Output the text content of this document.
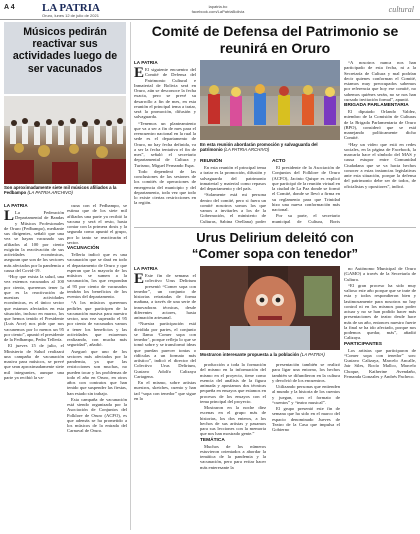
A 4 LA PATRIA
Oruro, lunes 12 de julio de 2021
lapatria.bo
facebook.com/LaPatriaBolivia	cultural
Músicos pedirán reactivar sus actividades luego de ser vacunados
Son aproximadamente siete mil músicos afiliados a la Fedbampo (LA PATRIA ARCHIVO)
LA PATRIA
L La Federación Departamental de Bandas y Músicos Profesionales de Oruro (Fedbampo), mediante sus dirigentes, señaló que una vez se hayan vacunado sus afiliados al 100 por ciento exigirán la reactivación de sus actividades económicas, aseguran que son de los sectores más afectados por la pandemia a causa del Covid-19.

“Hoy que exista la salud, una vez estemos vacunados al 100 por ciento, queremos tener lo que es la reactivación de nuestras actividades económicas, es el único sector que estamos afectados en esta situación, incluso en marzo, los que hemos tenido el Presidente (Luis Arce) nos pide que nos vacunemos por lo menos un 95 por ciento”, apuntó el presidente de la Fedbampo, Pedro Tellería.

El jueves 15 de julio, el Ministerio de Salud realizará una campaña de vacunación masiva para músicos, se prevé que sean aproximadamente siete mil integrantes, aunque una parte ya recibió la va-

cuna con el Fedbampo, se estima que de los siete mil afiliados una parte ya recibió la vacuna y será el resto, hasta contar con la primera dosis y la segunda como apuntó el grupo, por lo tanto se reactivarán el sector.

VACUNACIÓN

Tellería indicó que es una vacunación que se dará en todo el departamento de Oruro y que esperan que la mayoría de los músicos se sumen a la vacunación, los que respondan al 95 por ciento de vacunados tendrán los beneficios de los eventos del departamento.

“A los músicos queremos pedirles que participen de la vacunación masiva para nuestro sector, una vez superado el 95 por ciento de vacunados vamos a tener los beneficios y las actividades que estaremos realizando, con mucha más seguridad”, añadió.

Aseguró que uno de los sectores más afectados por la pandemia, ya que las restricciones son muchas, no pueden tocar y los problemas de todo el año en Oruro, en otros años con contratos que han tenido que suspender las fiestas, han estado sin trabajo.

Esta campaña de vacunación está siendo organizada por la Asociación de Conjuntos del Folklore de Oruro (ACFO), es que además se ha prometido a los músicos de la entrada del Carnaval de Oruro.

Comité de Defensa del Patrimonio se reunirá en Oruro
LA PATRIA
E El siguiente encuentro del Comité de Defensa del Patrimonio Cultural e Inmaterial de Bolivia será en Oruro, aún se desconoce la fecha exacta, pero se prevé su desarrollo a fin de mes, en esta reunión el principal tema a tratar, será la promoción, difusión y salvaguarda.

“Tenemos un planteamiento que va a ser a fin de mes para el reencuentro nacional en la rual la sede es el departamento de Oruro, no hay fecha definida, va a ser la fecha tentativa el fin de mes”, señaló el secretario departamental de Cultura y Turismo, Miguel Fernando Espa.

Todo dependerá de las conclusiones de las sesiones de los comités de operaciones de emergencia del municipio y del departamento, toda vez que todo lo existe ciertas restricciones en la región.

En esta reunión abordarán promoción y salvaguarda del patrimonio (LA PATRIA ARCHIVO)
REUNIÓN

En esta reunión el principal tema a tratar es la promoción, difusión y salvaguarda del patrimonio inmaterial y material como repasos del departamento y del país.

“Solamente está mi persona dentro del comité, pero si fuera un comité nosotros somos los que vamos a invitarles a los de la Gobernación, el ministerio de Culturas, Sabina Orellana) poder

ACTO

El presidente de la Asociación de Conjuntos del Folklore de Oruro (ACFO), Jacinto Quispe es explicó que participó de la reunión virtual en la ciudad de La Paz donde se formó el Comité, donde se llevó a firma en su reglamento para que Trinidad hizo una nueva conformación más nacional.

Por su parte, el secretario municipal de Cultura, Boris

“A nosotros nunca nos han participado de esta fecha, ni a la Secretaría de Cultura y mal podrían decir quienes conforman el Comité, estamos muy preocupados sabemos por referencia que hoy ese comité, no sabemos quiénes serán, no se nos han cursado invitación formal”, apuntó.

BRIGADA PARLAMENTARIA

El diputado Orlando Valdez, miembro de la Comisión de Culturas de la Brigada Parlamentaria de Oruro (BPO), consideró que se está manejando políticamente dicho Comité.

“Hay un video que está en redes sociales, en la página de Facebook, la marcaría hace el símbolo del MAS y causa estupor entre Comunidad Ciudadana que se va hacia hechos conocer a estas instancias legislativas ante esta situación, porque la defensa del patrimonio debe ser de todos, de oficialistas y opositores”, indicó.

Urus Delirium deleitó con
“Comer sopa con tenedor”
LA PATRIA
E Este fin de semana el colectivo Urus Delirium presentó “Comer sopa con tenedor”, un conjunto de historias retratadas de forma mañana, a través de una serie de innovadoras técnicas, desde diferentes actores, hasta animación artesanal.

“Nuestra participación está dividida por partes, el conjunto se llama ‘Comer sopa con tenedor’, porque refleja lo que se tomó sobre y se transformó ideas que puedan parecer tontas o ridículas a un formato más artístico”, indicó el director del Colectivo Urus Delirium, Gustavo Adolfo Calizaya Cartagena.

En el mismo, sobre artistas nuestros, sketches, cuento y han iad “sopa con tenedor” que sigue en la

Mostraron interesante propuesta a la población (LA PATRIA)

producción a toda la formación del mismo en la información del mismo en el proyecto, tiene como esencia del análisis de la figura animada y apostamos dos técnicas pequeña en ensayos que estamos en procesos de los ensayos con el tema principal del proyecto.

Mostraron en la noche diez escenas en el grupo más de historias, los dos enteros, a los hechos de sus artistas y pasamos para sus lecciones con la memoria que nos han mostrado gente.”

TEMÁTICA

Muchos de los números estuvieron orientados a abordar la temática de la pandemia y la vacunación, pero para evitar hacer más enteresante la

presentación también se realizó para ligar una entorno, los hechos también se difundieron en la cultura y devolvió de los encuentros.

Utilizando personas que entienden al mundo y la historia de los cuentos y juegan, con el formato de “cuentos” y “teatro musical”.

El grupo presentó este fin de semana que ha sido en el marco del espacio denominado Jueves de Teatro de la Casa que impulsa el Gobierno

no Autónomo Municipal de Oruro (GAMO) a través de la Secretaría de Cultura.

“El gran proceso ha sido muy valioso este año porque que se trate de esta y todos respondieron bien y lastimosamente para nosotros no hay control ni en los mismos para poder actuar y no se han podido hacer más presentaciones de teatro desde hace más de un año, entonces nuestro fuerte la final se ha ido afectado, porque nos podemos quedar, más”, añadió Calizaya.

PARTICIPANTES

Los artistas que participaron de “Comer sopa con tenedor” son: Gustavo Calizaya, Marcelo Ancalle, Jair Siles, Rocío Mallco, Marcelo Choque, Katherine Avendaño, Fernanda Gonzales y Andrés Pacheco.
